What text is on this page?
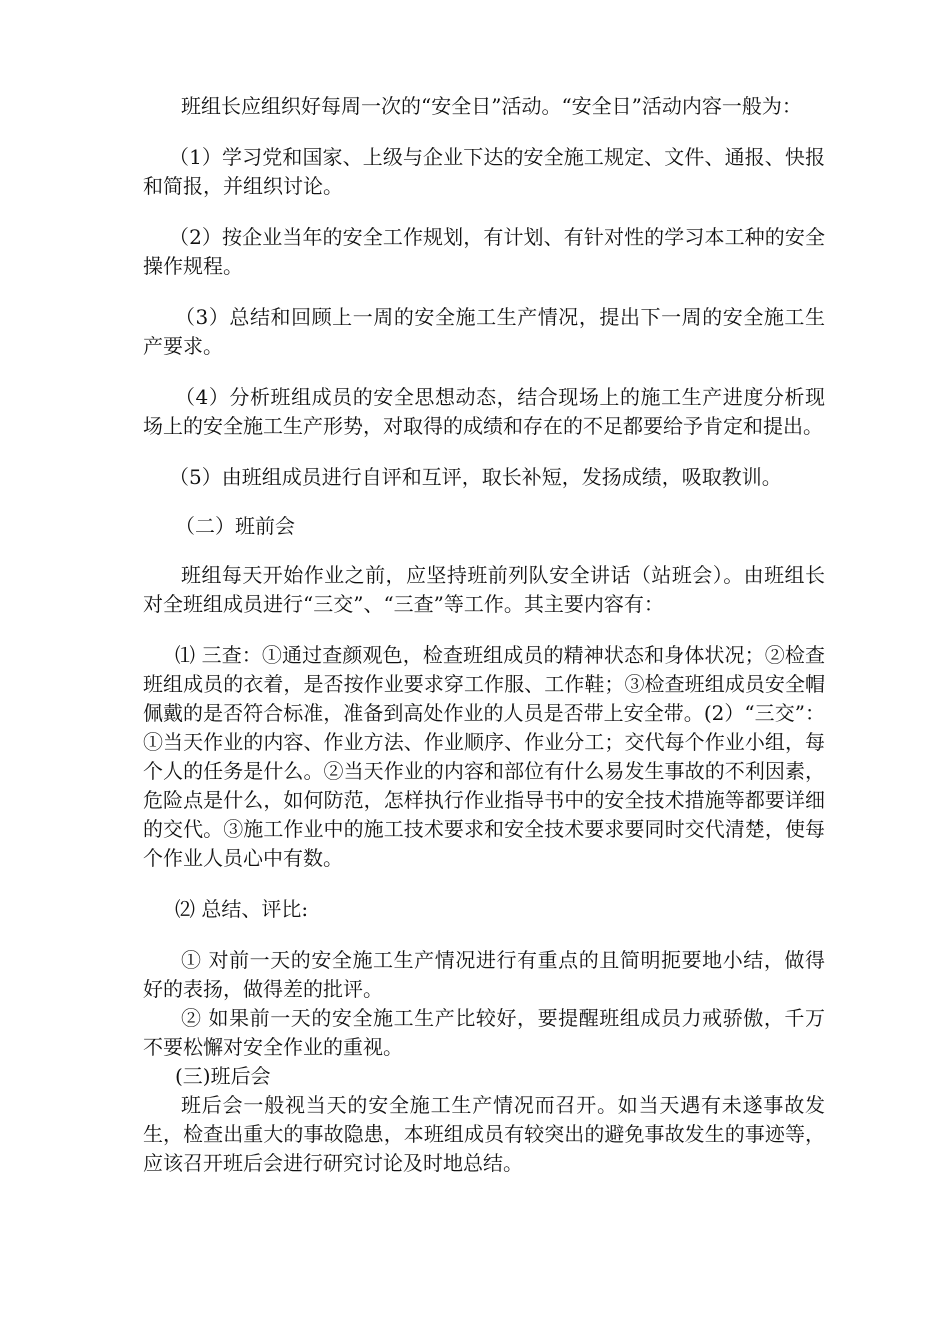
班组长应组织好每周一次的“安全日”活动。“安全日”活动内容一般为：

（1）学习党和国家、上级与企业下达的安全施工规定、文件、通报、快报和简报，并组织讨论。

（2）按企业当年的安全工作规划，有计划、有针对性的学习本工种的安全操作规程。

（3）总结和回顾上一周的安全施工生产情况，提出下一周的安全施工生产要求。

（4）分析班组成员的安全思想动态，结合现场上的施工生产进度分析现场上的安全施工生产形势，对取得的成绩和存在的不足都要给予肯定和提出。

（5）由班组成员进行自评和互评，取长补短，发扬成绩，吸取教训。

（二）班前会

班组每天开始作业之前，应坚持班前列队安全讲话（站班会）。由班组长对全班组成员进行“三交”、“三查”等工作。其主要内容有：

⑴ 三查：①通过查颜观色，检查班组成员的精神状态和身体状况；②检查班组成员的衣着，是否按作业要求穿工作服、工作鞋；③检查班组成员安全帽佩戴的是否符合标准，准备到高处作业的人员是否带上安全带。(2）“三交”：①当天作业的内容、作业方法、作业顺序、作业分工；交代每个作业小组，每个人的任务是什么。②当天作业的内容和部位有什么易发生事故的不利因素，危险点是什么，如何防范，怎样执行作业指导书中的安全技术措施等都要详细的交代。③施工作业中的施工技术要求和安全技术要求要同时交代清楚，使每个作业人员心中有数。

⑵ 总结、评比:

① 对前一天的安全施工生产情况进行有重点的且简明扼要地小结，做得好的表扬，做得差的批评。

② 如果前一天的安全施工生产比较好，要提醒班组成员力戒骄傲，千万不要松懈对安全作业的重视。

(三)班后会

班后会一般视当天的安全施工生产情况而召开。如当天遇有未遂事故发生，检查出重大的事故隐患，本班组成员有较突出的避免事故发生的事迹等，应该召开班后会进行研究讨论及时地总结。
